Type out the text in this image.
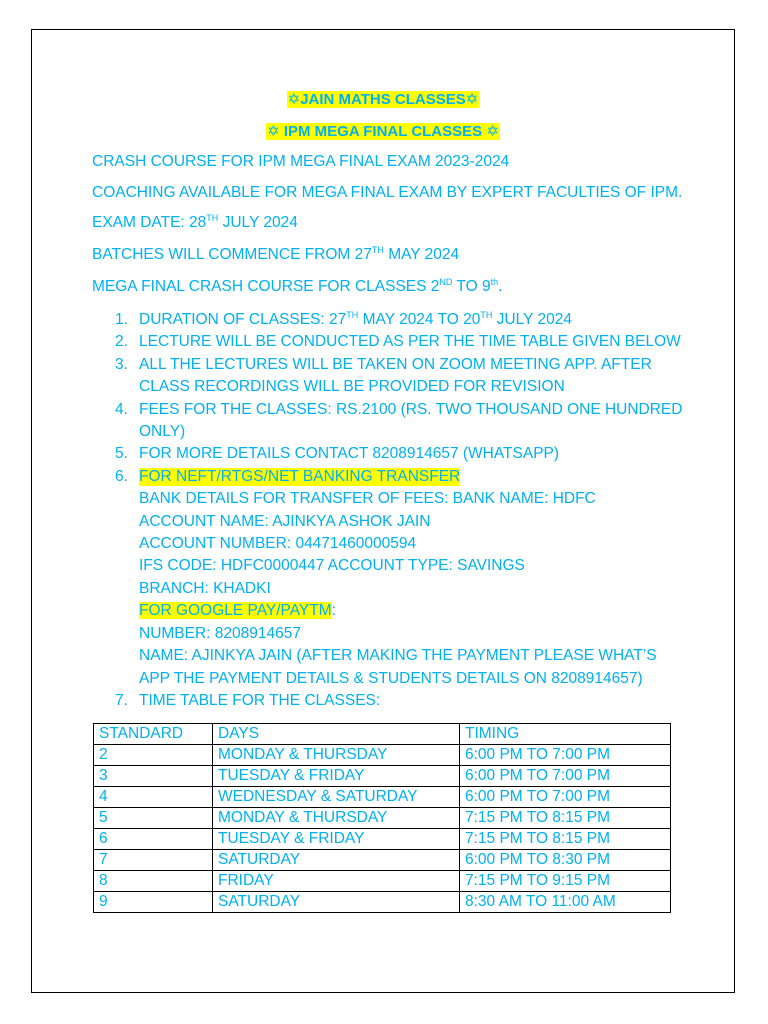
✡JAIN MATHS CLASSES✡
✡ IPM MEGA FINAL CLASSES ✡
CRASH COURSE FOR IPM MEGA FINAL EXAM 2023-2024
COACHING AVAILABLE FOR MEGA FINAL EXAM BY EXPERT FACULTIES OF IPM.
EXAM DATE: 28TH JULY 2024
BATCHES WILL COMMENCE FROM 27TH MAY 2024
MEGA FINAL CRASH COURSE FOR CLASSES 2ND TO 9th.
1. DURATION OF CLASSES: 27TH MAY 2024 TO 20TH JULY 2024
2. LECTURE WILL BE CONDUCTED AS PER THE TIME TABLE GIVEN BELOW
3. ALL THE LECTURES WILL BE TAKEN ON ZOOM MEETING APP. AFTER
CLASS RECORDINGS WILL BE PROVIDED FOR REVISION
4. FEES FOR THE CLASSES: RS.2100 (RS. TWO THOUSAND ONE HUNDRED
ONLY)
5. FOR MORE DETAILS CONTACT 8208914657 (WHATSAPP)
6. FOR NEFT/RTGS/NET BANKING TRANSFER
BANK DETAILS FOR TRANSFER OF FEES: BANK NAME: HDFC
ACCOUNT NAME: AJINKYA ASHOK JAIN
ACCOUNT NUMBER: 04471460000594
IFS CODE: HDFC0000447 ACCOUNT TYPE: SAVINGS
BRANCH: KHADKI
FOR GOOGLE PAY/PAYTM:
NUMBER: 8208914657
NAME: AJINKYA JAIN (AFTER MAKING THE PAYMENT PLEASE WHAT’S
APP THE PAYMENT DETAILS & STUDENTS DETAILS ON 8208914657)
7. TIME TABLE FOR THE CLASSES:
STANDARD	DAYS	TIMING
2	MONDAY & THURSDAY	6:00 PM TO 7:00 PM
3	TUESDAY & FRIDAY	6:00 PM TO 7:00 PM
4	WEDNESDAY & SATURDAY	6:00 PM TO 7:00 PM
5	MONDAY & THURSDAY	7:15 PM TO 8:15 PM
6	TUESDAY & FRIDAY	7:15 PM TO 8:15 PM
7	SATURDAY	6:00 PM TO 8:30 PM
8	FRIDAY	7:15 PM TO 9:15 PM
9	SATURDAY	8:30 AM TO 11:00 AM
